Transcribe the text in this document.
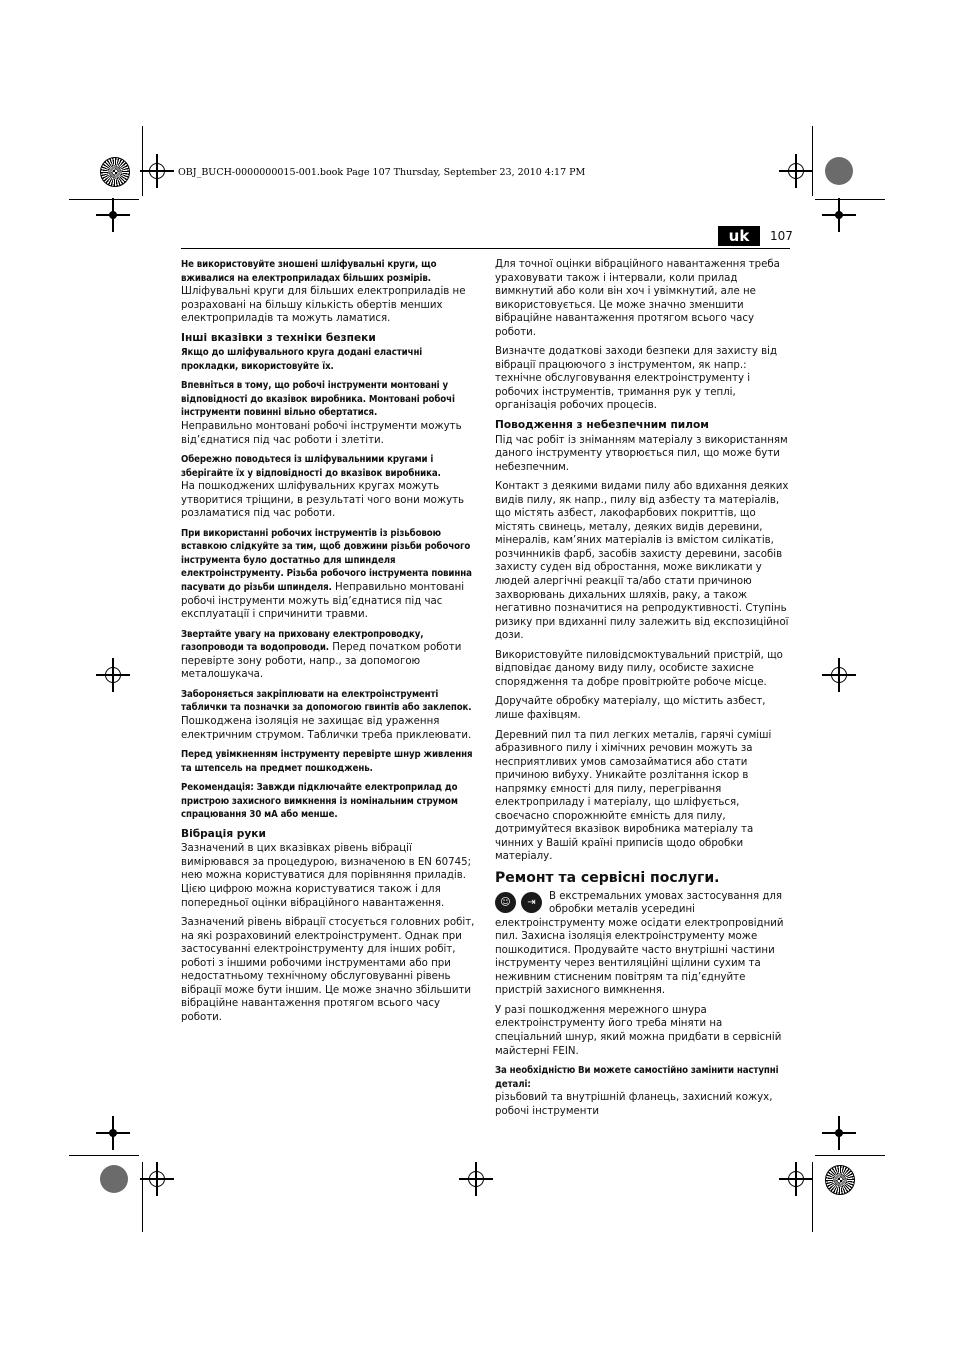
OBJ_BUCH-0000000015-001.book Page 107 Thursday, September 23, 2010 4:17 PM
uk	107

Не використовуйте зношені шліфувальні круги, що вживалися на електроприладах більших розмірів.
Шліфувальні круги для більших електроприладів не розраховані на більшу кількість обертів менших електроприладів та можуть ламатися.

Інші вказівки з техніки безпеки

Якщо до шліфувального круга додані еластичні прокладки, використовуйте їх.

Впевніться в тому, що робочі інструменти монтовані у відповідності до вказівок виробника. Монтовані робочі інструменти повинні вільно обертатися.
Неправильно монтовані робочі інструменти можуть від’єднатися під час роботи і злетіти.

Обережно поводьтеся із шліфувальними кругами і зберігайте їх у відповідності до вказівок виробника.
На пошкоджених шліфувальних кругах можуть утворитися тріщини, в результаті чого вони можуть розламатися під час роботи.

При використанні робочих інструментів із різьбовою вставкою слідкуйте за тим, щоб довжини різьби робочого інструмента було достатньо для шпинделя електроінструменту. Різьба робочого інструмента повинна пасувати до різьби шпинделя. Неправильно монтовані робочі інструменти можуть від’єднатися під час експлуатації і спричинити травми.

Звертайте увагу на приховану електропроводку, газопроводи та водопроводи. Перед початком роботи перевірте зону роботи, напр., за допомогою металошукача.

Забороняється закріплювати на електроінструменті таблички та позначки за допомогою гвинтів або заклепок. Пошкоджена ізоляція не захищає від ураження електричним струмом. Таблички треба приклеювати.

Перед увімкненням інструменту перевірте шнур живлення та штепсель на предмет пошкоджень.

Рекомендація: Завжди підключайте електроприлад до пристрою захисного вимкнення із номінальним струмом спрацювання 30 мА або менше.

Вібрація руки

Зазначений в цих вказівках рівень вібрації вимірювався за процедурою, визначеною в EN 60745; нею можна користуватися для порівняння приладів. Цією цифрою можна користуватися також і для попередньої оцінки вібраційного навантаження.

Зазначений рівень вібрації стосується головних робіт, на які розраховиний електроінструмент. Однак при застосуванні електроінструменту для інших робіт, роботі з іншими робочими інструментами або при недостатньому технічному обслуговуванні рівень вібрації може бути іншим. Це може значно збільшити вібраційне навантаження протягом всього часу роботи.

Для точної оцінки вібраційного навантаження треба ураховувати також і інтервали, коли прилад вимкнутий або коли він хоч і увімкнутий, але не використовується. Це може значно зменшити вібраційне навантаження протягом всього часу роботи.

Визначте додаткові заходи безпеки для захисту від вібрації працюючого з інструментом, як напр.: технічне обслуговування електроінструменту і робочих інструментів, тримання рук у теплі, організація робочих процесів.

Поводження з небезпечним пилом

Під час робіт із зніманням матеріалу з використанням даного інструменту утворюється пил, що може бути небезпечним.

Контакт з деякими видами пилу або вдихання деяких видів пилу, як напр., пилу від азбесту та матеріалів, що містять азбест, лакофарбових покриттів, що містять свинець, металу, деяких видів деревини, мінералів, кам’яних матеріалів із вмістом силікатів, розчинників фарб, засобів захисту деревини, засобів захисту суден від обростання, може викликати у людей алергічні реакції та/або стати причиною захворювань дихальних шляхів, раку, а також негативно позначитися на репродуктивності. Ступінь ризику при вдиханні пилу залежить від експозиційної дози.

Використовуйте пиловідсмоктувальний пристрій, що відповідає даному виду пилу, особисте захисне спорядження та добре провітрюйте робоче місце.

Доручайте обробку матеріалу, що містить азбест, лише фахівцям.

Деревний пил та пил легких металів, гарячі суміші абразивного пилу і хімічних речовин можуть за несприятливих умов самозайматися або стати причиною вибуху. Уникайте розлітання іскор в напрямку ємності для пилу, перегрівання електроприладу і матеріалу, що шліфується, своєчасно спорожнюйте ємність для пилу, дотримуйтеся вказівок виробника матеріалу та чинних у Вашій країні приписів щодо обробки матеріалу.

Ремонт та сервісні послуги.
☺	⇥

В екстремальних умовах застосування для обробки металів усередині електроінструменту може осідати електропровідний пил. Захисна ізоляція електроінструменту може пошкодитися. Продувайте часто внутрішні частини інструменту через вентиляційні щілини сухим та неживним стисненим повітрям та під’єднуйте пристрій захисного вимкнення.

У разі пошкодження мережного шнура електроінструменту його треба міняти на спеціальний шнур, який можна придбати в сервісній майстерні FEIN.

За необхідністю Ви можете самостійно замінити наступні деталі:
різьбовий та внутрішній фланець, захисний кожух, робочі інструменти
